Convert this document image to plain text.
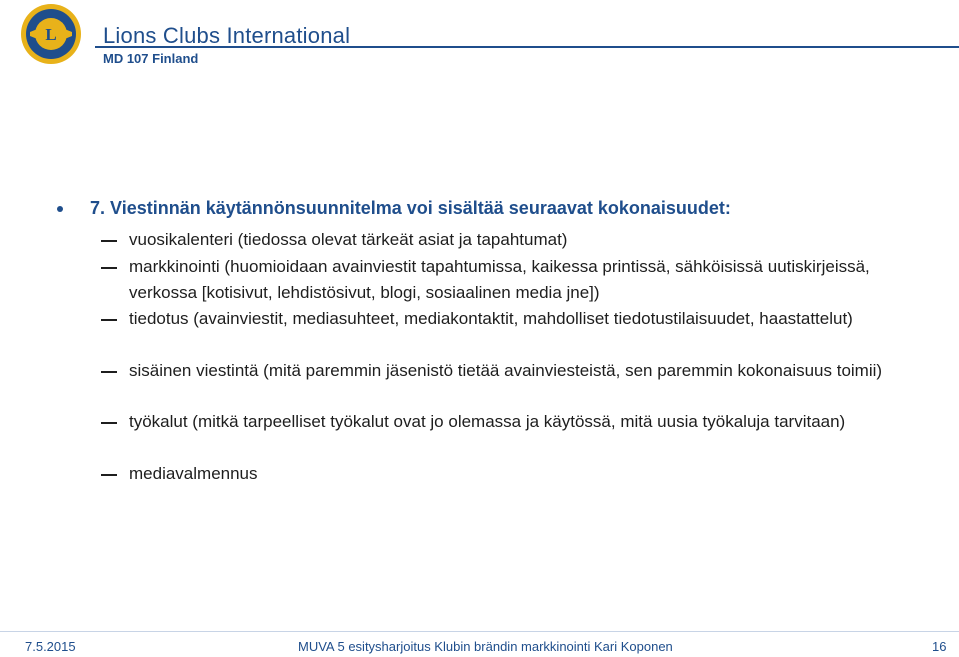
L Lions Clubs International
MD 107 Finland
7. Viestinnän käytännönsuunnitelma voi sisältää seuraavat kokonaisuudet:
vuosikalenteri (tiedossa olevat tärkeät asiat ja tapahtumat)
markkinointi (huomioidaan avainviestit tapahtumissa, kaikessa printissä, sähköisissä uutiskirjeissä, verkossa [kotisivut, lehdistösivut, blogi, sosiaalinen media jne])
tiedotus (avainviestit, mediasuhteet, mediakontaktit, mahdolliset tiedotustilaisuudet, haastattelut)
sisäinen viestintä (mitä paremmin jäsenistö tietää avainviesteistä, sen paremmin kokonaisuus toimii)
työkalut (mitkä tarpeelliset työkalut ovat jo olemassa ja käytössä, mitä uusia työkaluja tarvitaan)
mediavalmennus
7.5.2015	MUVA 5 esitysharjoitus Klubin brändin markkinointi Kari Koponen	16
